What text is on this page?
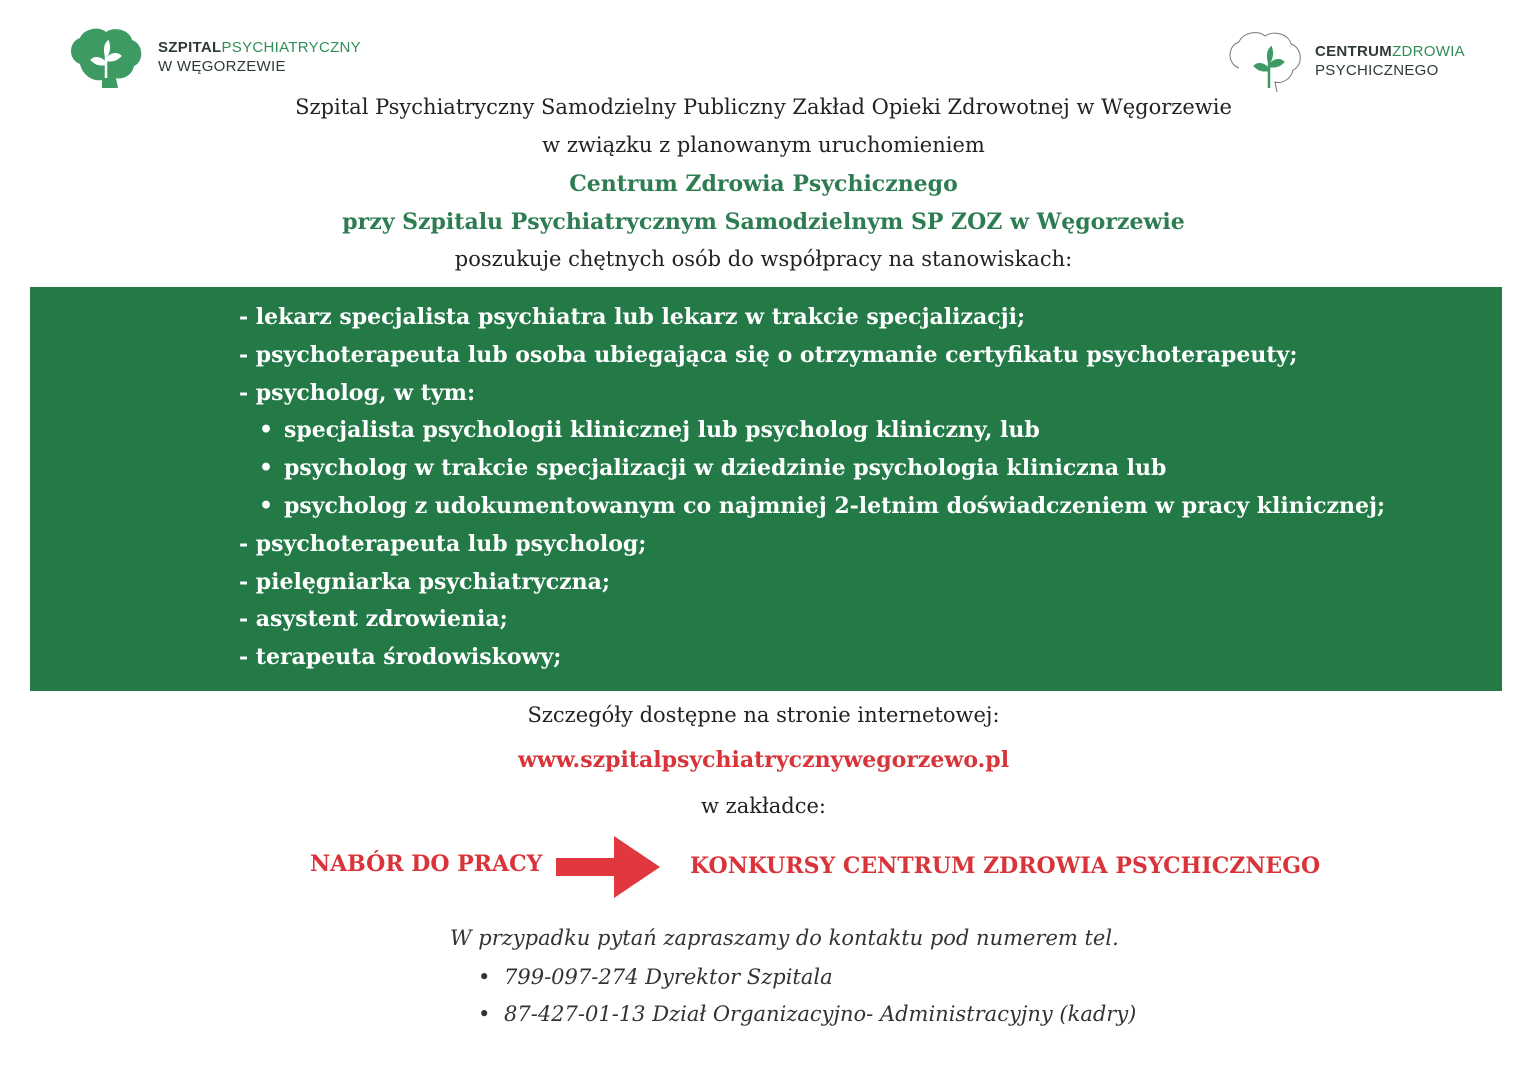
SZPITALPSYCHIATRYCZNY
W WĘGORZEWIE
CENTRUMZDROWIA
PSYCHICZNEGO
Szpital Psychiatryczny Samodzielny Publiczny Zakład Opieki Zdrowotnej w Węgorzewie
w związku z planowanym uruchomieniem
Centrum Zdrowia Psychicznego
przy Szpitalu Psychiatrycznym Samodzielnym SP ZOZ w Węgorzewie
poszukuje chętnych osób do współpracy na stanowiskach:
- lekarz specjalista psychiatra lub lekarz w trakcie specjalizacji;
- psychoterapeuta lub osoba ubiegająca się o otrzymanie certyfikatu psychoterapeuty;
- psycholog, w tym:
• specjalista psychologii klinicznej lub psycholog kliniczny, lub
• psycholog w trakcie specjalizacji w dziedzinie psychologia kliniczna lub
• psycholog z udokumentowanym co najmniej 2-letnim doświadczeniem w pracy klinicznej;
- psychoterapeuta lub psycholog;
- pielęgniarka psychiatryczna;
- asystent zdrowienia;
- terapeuta środowiskowy;
Szczegóły dostępne na stronie internetowej:
www.szpitalpsychiatrycznywegorzewo.pl
w zakładce:
NABÓR DO PRACY	KONKURSY CENTRUM ZDROWIA PSYCHICZNEGO
W przypadku pytań zapraszamy do kontaktu pod numerem tel.
• 799-097-274 Dyrektor Szpitala
• 87-427-01-13 Dział Organizacyjno- Administracyjny (kadry)
